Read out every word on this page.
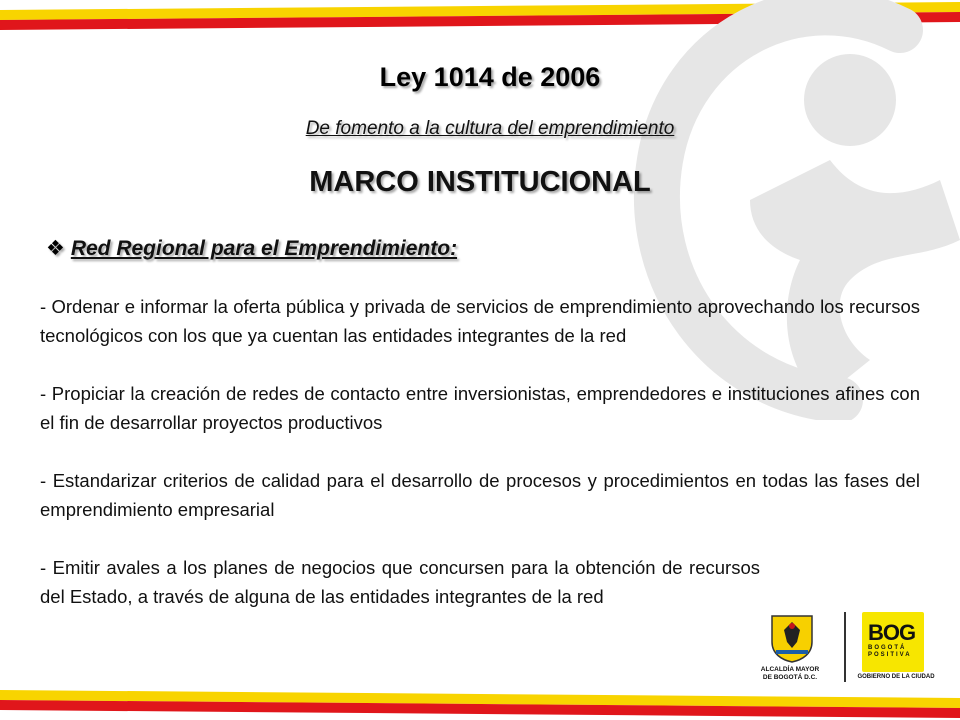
Ley 1014 de 2006
De fomento a la cultura del emprendimiento
MARCO INSTITUCIONAL
❖ Red Regional para el Emprendimiento:

- Ordenar e informar la oferta pública y privada de servicios de emprendimiento aprovechando los recursos tecnológicos con los que ya cuentan las entidades integrantes de la red

- Propiciar la creación de redes de contacto entre inversionistas, emprendedores e instituciones afines con el fin de desarrollar proyectos productivos

- Estandarizar criterios de calidad para el desarrollo de procesos y procedimientos en todas las fases del emprendimiento empresarial

- Emitir avales a los planes de negocios que concursen para la obtención de recursos del Estado, a través de alguna de las entidades integrantes de la red

ALCALDÍA MAYOR
DE BOGOTÁ D.C.
BOG
BOGOTÁ
POSITIVA
GOBIERNO DE LA CIUDAD
